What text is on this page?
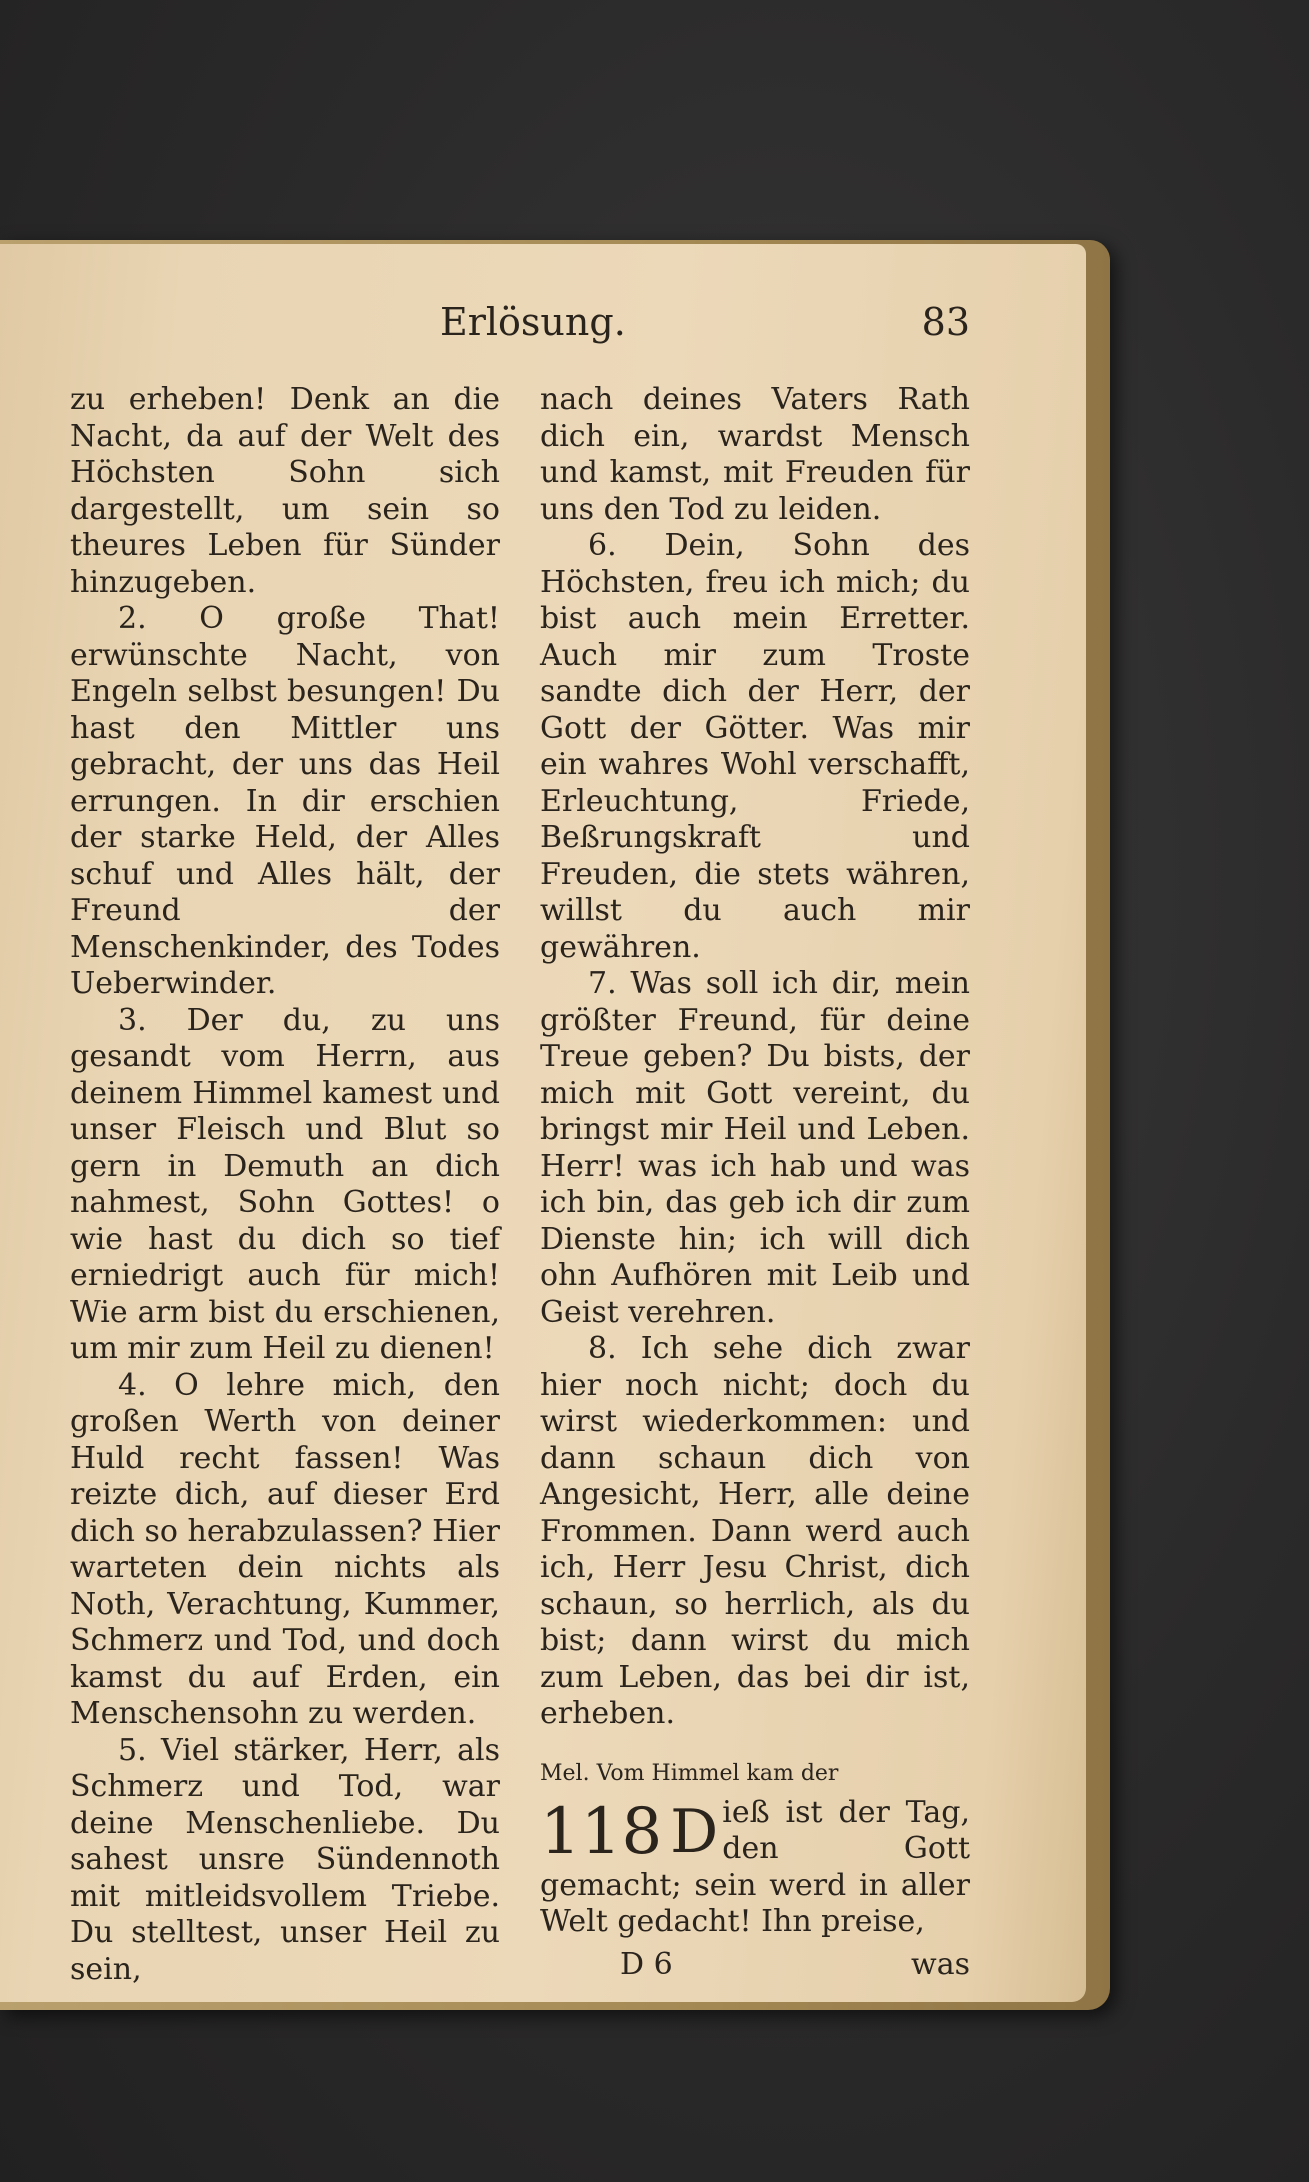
Erlösung.	83

zu erheben! Denk an die Nacht, da auf der Welt des Höchsten Sohn sich dargestellt, um sein so theures Leben für Sünder hinzugeben.

2. O große That! erwünschte Nacht, von Engeln selbst besungen! Du hast den Mittler uns gebracht, der uns das Heil errungen. In dir erschien der starke Held, der Alles schuf und Alles hält, der Freund der Menschenkinder, des Todes Ueberwinder.

3. Der du, zu uns gesandt vom Herrn, aus deinem Himmel kamest und unser Fleisch und Blut so gern in Demuth an dich nahmest, Sohn Gottes! o wie hast du dich so tief erniedrigt auch für mich! Wie arm bist du erschienen, um mir zum Heil zu dienen!

4. O lehre mich, den großen Werth von deiner Huld recht fassen! Was reizte dich, auf dieser Erd dich so herabzulassen? Hier warteten dein nichts als Noth, Verachtung, Kummer, Schmerz und Tod, und doch kamst du auf Erden, ein Menschensohn zu werden.

5. Viel stärker, Herr, als Schmerz und Tod, war deine Menschenliebe. Du sahest unsre Sündennoth mit mitleidsvollem Triebe. Du stelltest, unser Heil zu sein,

nach deines Vaters Rath dich ein, wardst Mensch und kamst, mit Freuden für uns den Tod zu leiden.

6. Dein, Sohn des Höchsten, freu ich mich; du bist auch mein Erretter. Auch mir zum Troste sandte dich der Herr, der Gott der Götter. Was mir ein wahres Wohl verschafft, Erleuchtung, Friede, Beßrungskraft und Freuden, die stets währen, willst du auch mir gewähren.

7. Was soll ich dir, mein größter Freund, für deine Treue geben? Du bists, der mich mit Gott vereint, du bringst mir Heil und Leben. Herr! was ich hab und was ich bin, das geb ich dir zum Dienste hin; ich will dich ohn Aufhören mit Leib und Geist verehren.

8. Ich sehe dich zwar hier noch nicht; doch du wirst wiederkommen: und dann schaun dich von Angesicht, Herr, alle deine Frommen. Dann werd auch ich, Herr Jesu Christ, dich schaun, so herrlich, als du bist; dann wirst du mich zum Leben, das bei dir ist, erheben.

Mel. Vom Himmel kam der

118 D ieß ist der Tag, den Gott gemacht; sein werd in aller Welt gedacht! Ihn preise,
D 6	was
